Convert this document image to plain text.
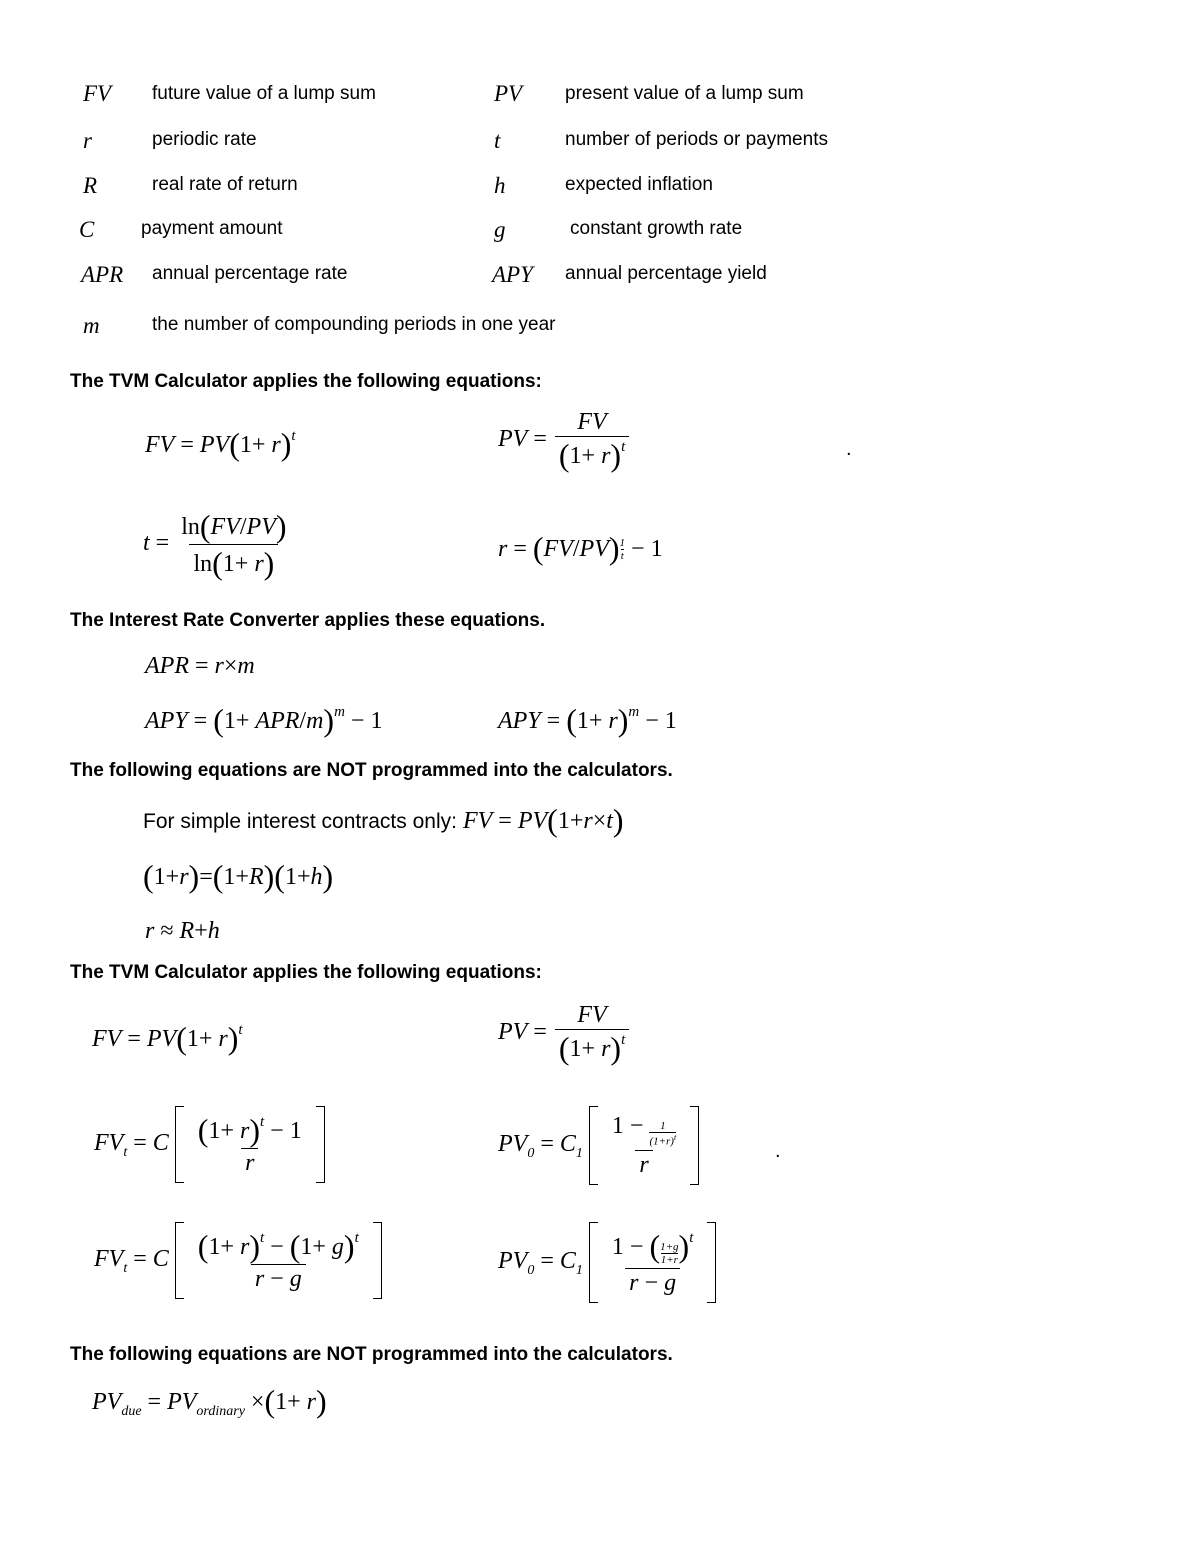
FV future value of a lump sum	PV present value of a lump sum
r	periodic rate	t	number of periods or payments
R	real rate of return	h	expected inflation
C payment amount	g	constant growth rate
APR annual percentage rate	APY annual percentage yield
m	the number of compounding periods in one year
The TVM Calculator applies the following equations:
FV = $PV(1+ r)^t$	PV = $\frac{FV}{(1+ r)^t}$	.
$t = \frac{\ln(FV/PV)}{\ln(1+ r)}$	$r = (FV/PV) \frac{1}{t} - 1$
The Interest Rate Converter applies these equations.
APR = r×m
APY = (1+ APR/$m)^m - 1$	APY = $(1+ r)^m - 1$
The following equations are NOT programmed into the calculators.
For simple interest contracts only: FV = PV(1+r×t)
(1+r)=(1+R)(1+h)
r ≈ R+h
The TVM Calculator applies the following equations:
FV = $PV(1+ r)^t$	PV = $\frac{FV}{(1+ r)^t}$
$FV_t = C \frac{(1+ r)^t - 1}{r}$	$PV_0 = C_1 \frac{1 - \frac{1}{(1+r)^t}}{r}$	.
$FV_t = C \frac{(1+ r)^t - (1+ g)^t}{r - g}$	$PV_0 = C_1 \frac{1 - ( \frac{1+g}{1+r} )^t}{r - g}$
The following equations are NOT programmed into the calculators.
$PV_{due} = PV_{ordinary} \times(1+ r)$
